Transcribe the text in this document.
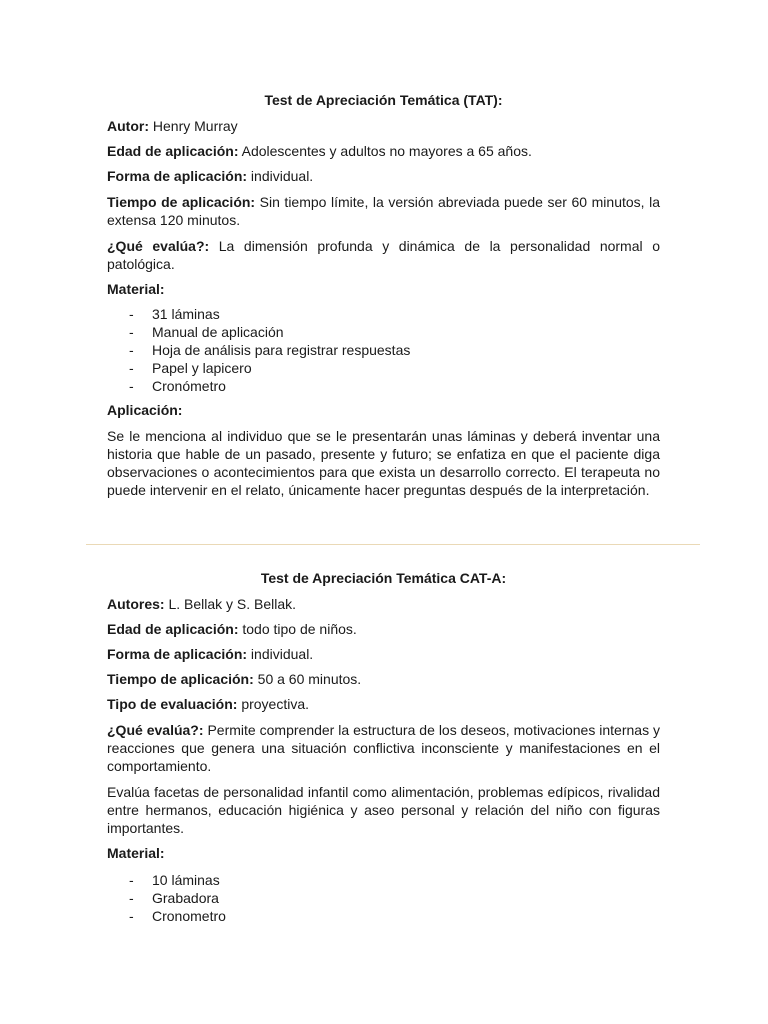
Test de Apreciación Temática (TAT):
Autor: Henry Murray
Edad de aplicación: Adolescentes y adultos no mayores a 65 años.
Forma de aplicación: individual.
Tiempo de aplicación: Sin tiempo límite, la versión abreviada puede ser 60 minutos, la extensa 120 minutos.
¿Qué evalúa?: La dimensión profunda y dinámica de la personalidad normal o patológica.
Material:
- 31 láminas
- Manual de aplicación
- Hoja de análisis para registrar respuestas
- Papel y lapicero
- Cronómetro
Aplicación:

Se le menciona al individuo que se le presentarán unas láminas y deberá inventar una historia que hable de un pasado, presente y futuro; se enfatiza en que el paciente diga observaciones o acontecimientos para que exista un desarrollo correcto. El terapeuta no puede intervenir en el relato, únicamente hacer preguntas después de la interpretación.

Test de Apreciación Temática CAT-A:
Autores: L. Bellak y S. Bellak.
Edad de aplicación: todo tipo de niños.
Forma de aplicación: individual.
Tiempo de aplicación: 50 a 60 minutos.
Tipo de evaluación: proyectiva.
¿Qué evalúa?: Permite comprender la estructura de los deseos, motivaciones internas y reacciones que genera una situación conflictiva inconsciente y manifestaciones en el comportamiento.
Evalúa facetas de personalidad infantil como alimentación, problemas edípicos, rivalidad entre hermanos, educación higiénica y aseo personal y relación del niño con figuras importantes.
Material:
- 10 láminas
- Grabadora
- Cronometro
